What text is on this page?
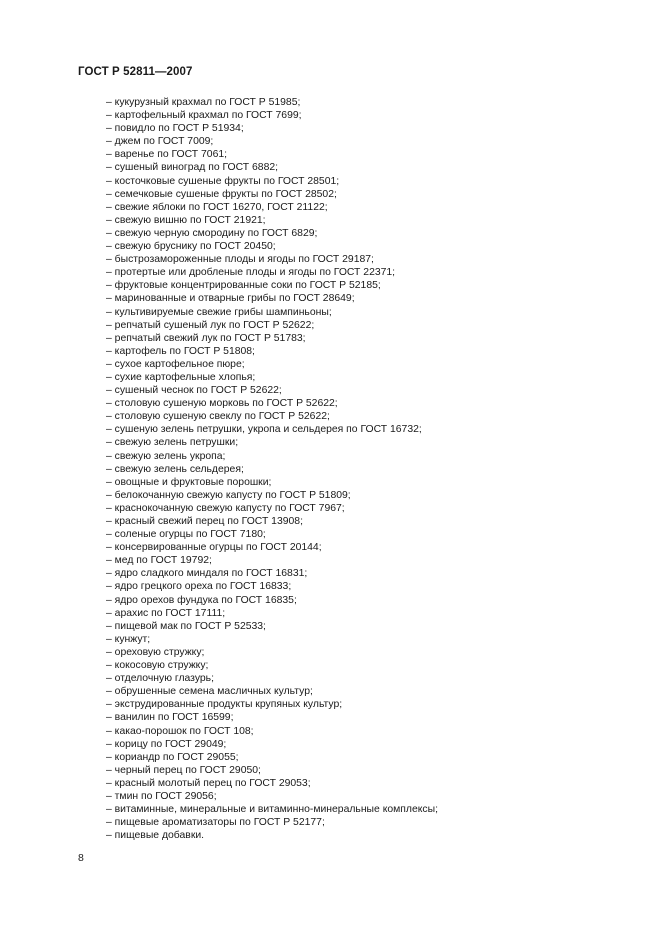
ГОСТ Р 52811—2007
– кукурузный крахмал по ГОСТ Р 51985;
– картофельный крахмал по ГОСТ 7699;
– повидло по ГОСТ Р 51934;
– джем по ГОСТ 7009;
– варенье по ГОСТ 7061;
– сушеный виноград по ГОСТ 6882;
– косточковые сушеные фрукты по ГОСТ 28501;
– семечковые сушеные фрукты по ГОСТ 28502;
– свежие яблоки по ГОСТ 16270, ГОСТ 21122;
– свежую вишню по ГОСТ 21921;
– свежую черную смородину по ГОСТ 6829;
– свежую бруснику по ГОСТ 20450;
– быстрозамороженные плоды и ягоды по ГОСТ 29187;
– протертые или дробленые плоды и ягоды по ГОСТ 22371;
– фруктовые концентрированные соки по ГОСТ Р 52185;
– маринованные и отварные грибы по ГОСТ 28649;
– культивируемые свежие грибы шампиньоны;
– репчатый сушеный лук по ГОСТ Р 52622;
– репчатый свежий лук по ГОСТ Р 51783;
– картофель по ГОСТ Р 51808;
– сухое картофельное пюре;
– сухие картофельные хлопья;
– сушеный чеснок по ГОСТ Р 52622;
– столовую сушеную морковь по ГОСТ Р 52622;
– столовую сушеную свеклу по ГОСТ Р 52622;
– сушеную зелень петрушки, укропа и сельдерея по ГОСТ 16732;
– свежую зелень петрушки;
– свежую зелень укропа;
– свежую зелень сельдерея;
– овощные и фруктовые порошки;
– белокочанную свежую капусту по ГОСТ Р 51809;
– краснокочанную свежую капусту по ГОСТ 7967;
– красный свежий перец по ГОСТ 13908;
– соленые огурцы по ГОСТ 7180;
– консервированные огурцы по ГОСТ 20144;
– мед по ГОСТ 19792;
– ядро сладкого миндаля по ГОСТ 16831;
– ядро грецкого ореха по ГОСТ 16833;
– ядро орехов фундука по ГОСТ 16835;
– арахис по ГОСТ 17111;
– пищевой мак по ГОСТ Р 52533;
– кунжут;
– ореховую стружку;
– кокосовую стружку;
– отделочную глазурь;
– обрушенные семена масличных культур;
– экструдированные продукты крупяных культур;
– ванилин по ГОСТ 16599;
– какао-порошок по ГОСТ 108;
– корицу по ГОСТ 29049;
– кориандр по ГОСТ 29055;
– черный перец по ГОСТ 29050;
– красный молотый перец по ГОСТ 29053;
– тмин по ГОСТ 29056;
– витаминные, минеральные и витаминно-минеральные комплексы;
– пищевые ароматизаторы по ГОСТ Р 52177;
– пищевые добавки.
8
